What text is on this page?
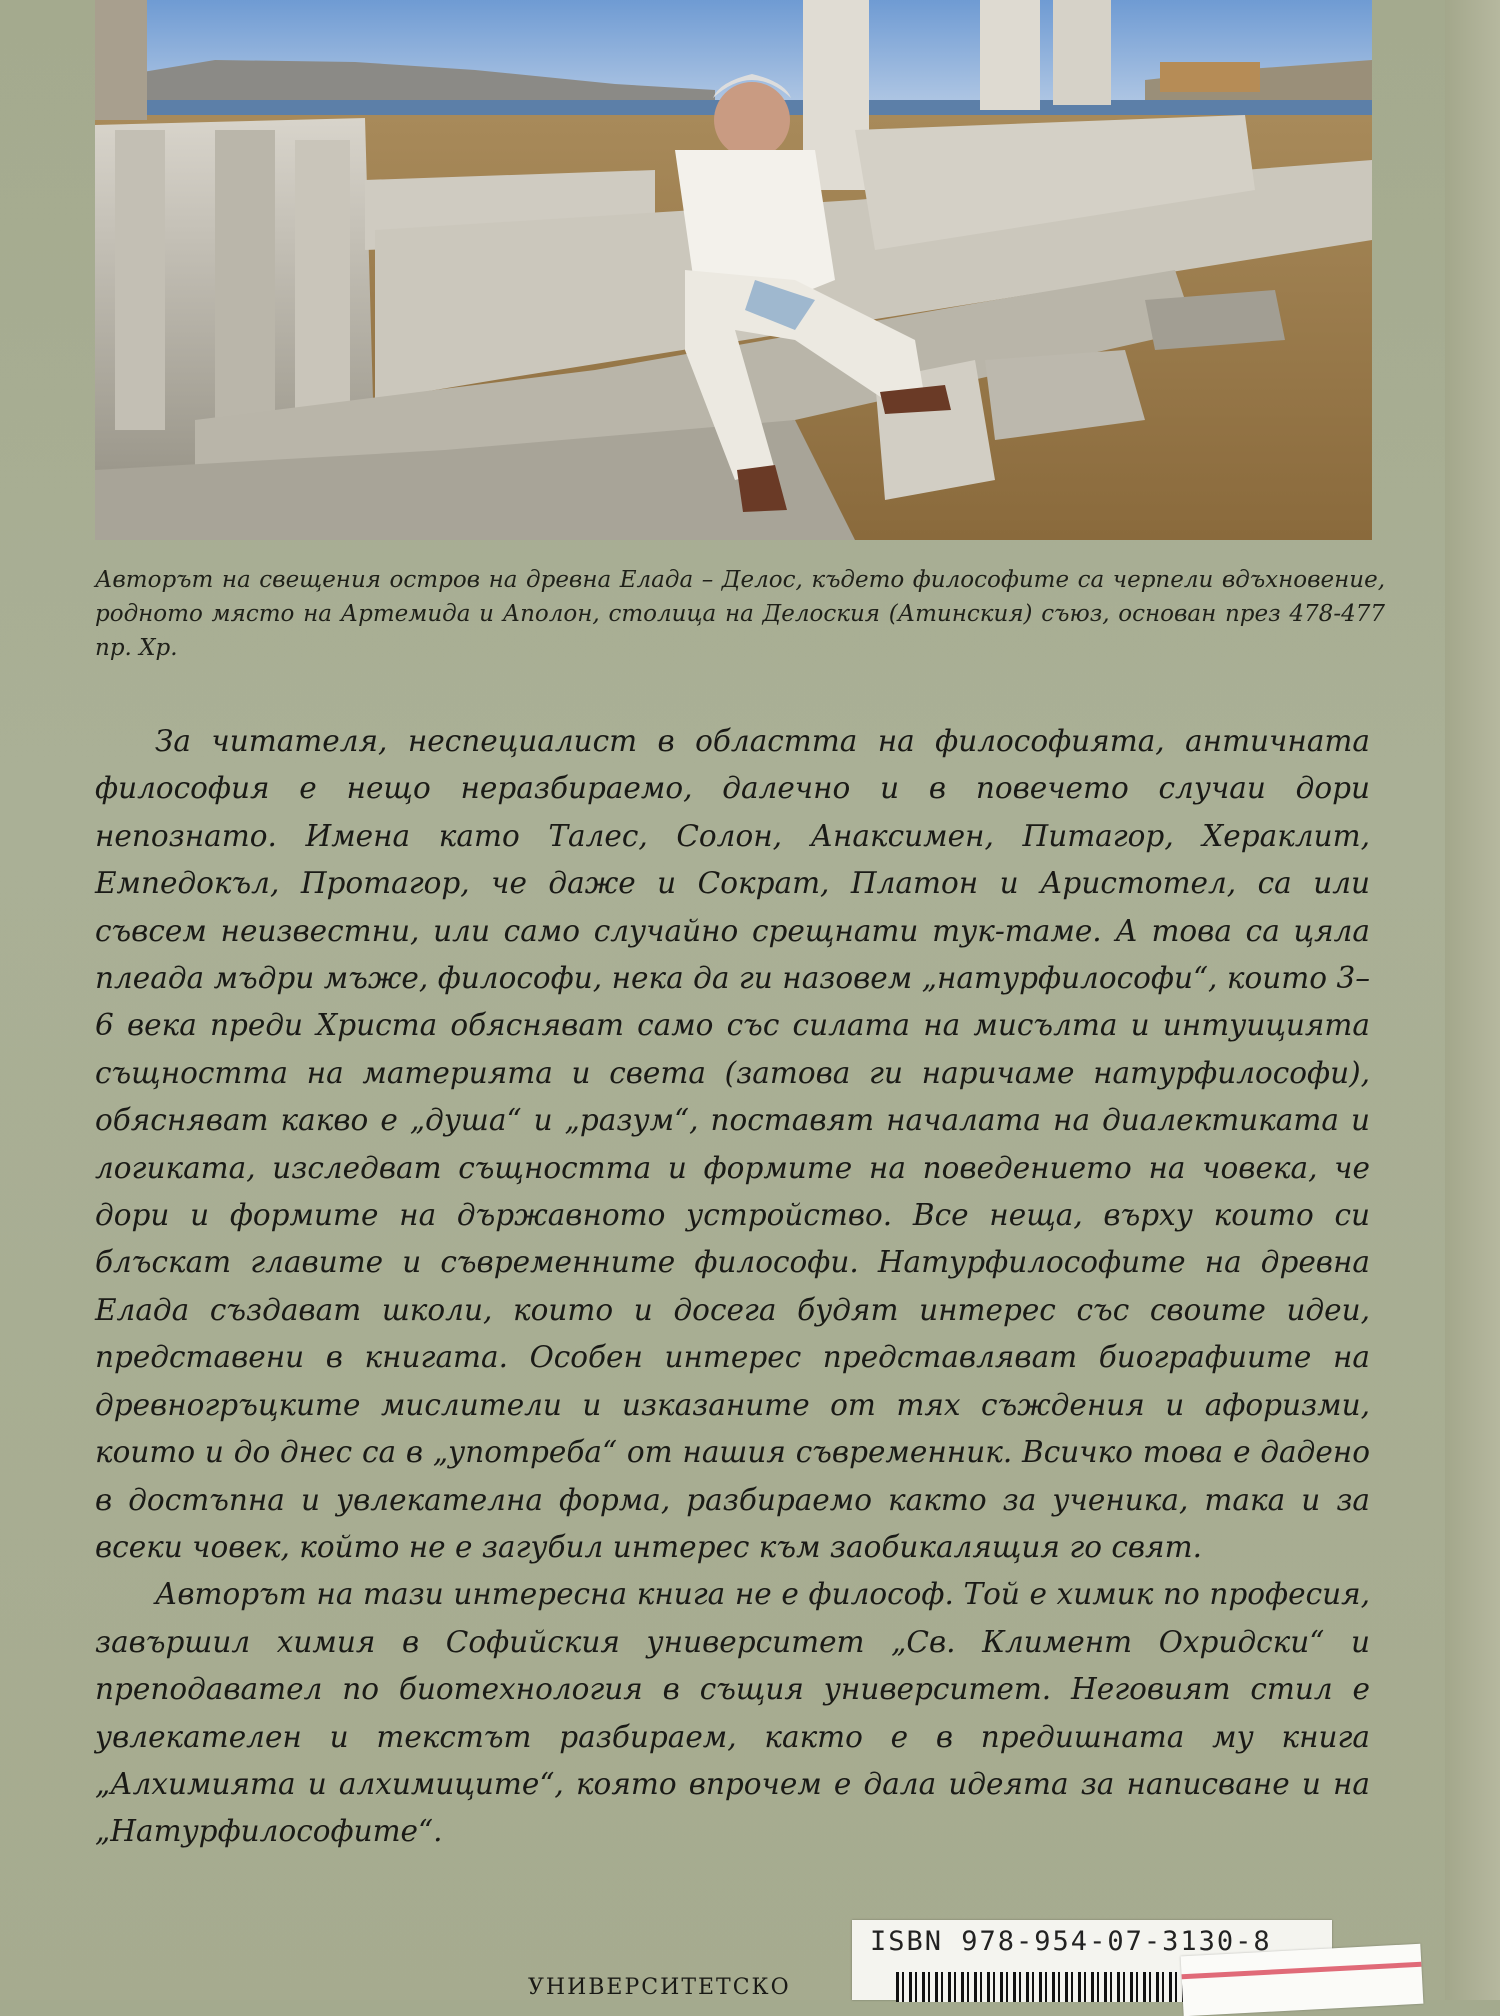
Авторът на свещения остров на древна Елада – Делос, където философите са черпели вдъхновение, родното място на Артемида и Аполон, столица на Делоския (Атинския) съюз, основан през 478-477 пр. Хр.

За читателя, неспециалист в областта на философията, античната философия е нещо неразбираемо, далечно и в повечето случаи дори непознато. Имена като Талес, Солон, Анаксимен, Питагор, Хераклит, Емпедокъл, Протагор, че даже и Сократ, Платон и Аристотел, са или съвсем неизвестни, или само случайно срещнати тук-таме. А това са цяла плеада мъдри мъже, философи, нека да ги назовем „натурфилософи“, които 3–6 века преди Христа обясняват само със силата на мисълта и интуицията същността на материята и света (затова ги наричаме натурфилософи), обясняват какво е „душа“ и „разум“, поставят началата на диалектиката и логиката, изследват същността и формите на поведението на човека, че дори и формите на държавното устройство. Все неща, върху които си блъскат главите и съвременните философи. Натурфилософите на древна Елада създават школи, които и досега будят интерес със своите идеи, представени в книгата. Особен интерес представляват биографиите на древногръцките мислители и изказаните от тях съждения и афоризми, които и до днес са в „употреба“ от нашия съвременник. Всичко това е дадено в достъпна и увлекателна форма, разбираемо както за ученика, така и за всеки човек, който не е загубил интерес към заобикалящия го свят.

Авторът на тази интересна книга не е философ. Той е химик по професия, завършил химия в Софийския университет „Св. Климент Охридски“ и преподавател по биотехнология в същия университет. Неговият стил е увлекателен и текстът разбираем, както е в предишната му книга „Алхимията и алхимиците“, която впрочем е дала идеята за написване и на „Натурфилософите“.

УНИВЕРСИТЕТСКО
ISBN 978-954-07-3130-8
